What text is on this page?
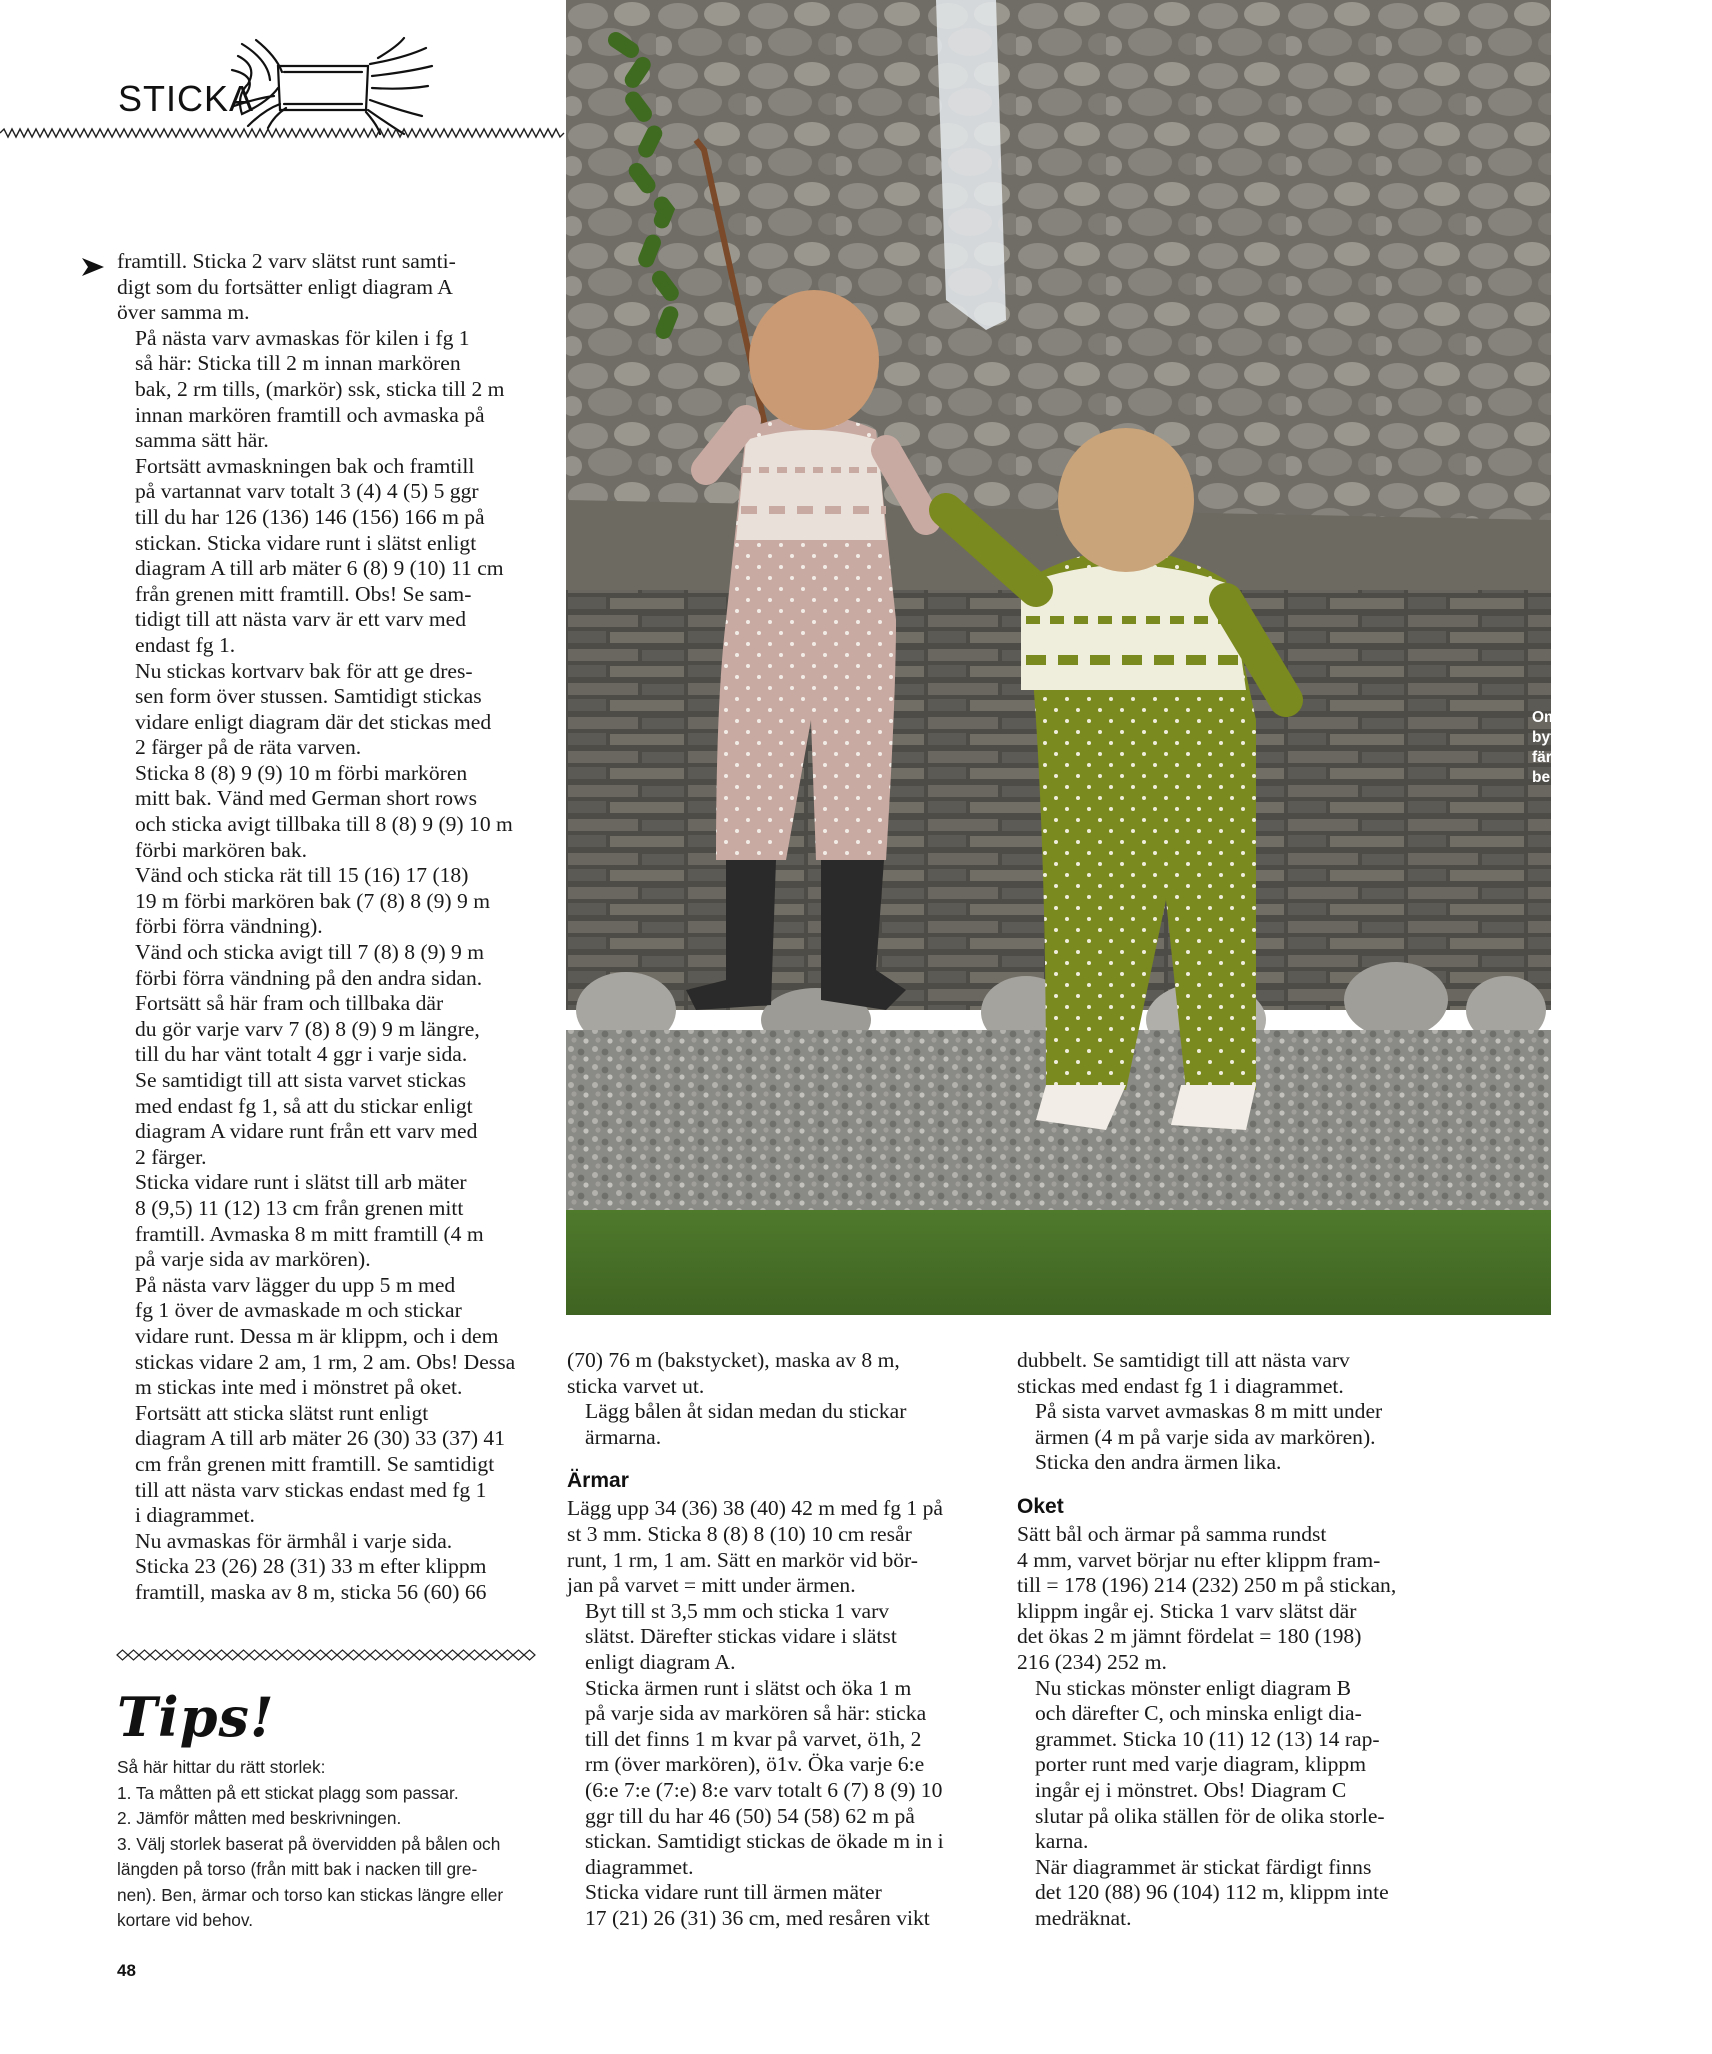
STICKA

framtill. Sticka 2 varv slätst runt samti-
digt som du fortsätter enligt diagram A
över samma m.

På nästa varv avmaskas för kilen i fg 1
så här: Sticka till 2 m innan markören
bak, 2 rm tills, (markör) ssk, sticka till 2 m
innan markören framtill och avmaska på
samma sätt här.

Fortsätt avmaskningen bak och framtill
på vartannat varv totalt 3 (4) 4 (5) 5 ggr
till du har 126 (136) 146 (156) 166 m på
stickan. Sticka vidare runt i slätst enligt
diagram A till arb mäter 6 (8) 9 (10) 11 cm
från grenen mitt framtill. Obs! Se sam-
tidigt till att nästa varv är ett varv med
endast fg 1.

Nu stickas kortvarv bak för att ge dres-
sen form över stussen. Samtidigt stickas
vidare enligt diagram där det stickas med
2 färger på de räta varven.

Sticka 8 (8) 9 (9) 10 m förbi markören
mitt bak. Vänd med German short rows
och sticka avigt tillbaka till 8 (8) 9 (9) 10 m
förbi markören bak.

Vänd och sticka rät till 15 (16) 17 (18)
19 m förbi markören bak (7 (8) 8 (9) 9 m
förbi förra vändning).

Vänd och sticka avigt till 7 (8) 8 (9) 9 m
förbi förra vändning på den andra sidan.

Fortsätt så här fram och tillbaka där
du gör varje varv 7 (8) 8 (9) 9 m längre,
till du har vänt totalt 4 ggr i varje sida.
Se samtidigt till att sista varvet stickas
med endast fg 1, så att du stickar enligt
diagram A vidare runt från ett varv med
2 färger.

Sticka vidare runt i slätst till arb mäter
8 (9,5) 11 (12) 13 cm från grenen mitt
framtill. Avmaska 8 m mitt framtill (4 m
på varje sida av markören).

På nästa varv lägger du upp 5 m med
fg 1 över de avmaskade m och stickar
vidare runt. Dessa m är klippm, och i dem
stickas vidare 2 am, 1 rm, 2 am. Obs! Dessa
m stickas inte med i mönstret på oket.

Fortsätt att sticka slätst runt enligt
diagram A till arb mäter 26 (30) 33 (37) 41
cm från grenen mitt framtill. Se samtidigt
till att nästa varv stickas endast med fg 1
i diagrammet.

Nu avmaskas för ärmhål i varje sida.
Sticka 23 (26) 28 (31) 33 m efter klippm
framtill, maska av 8 m, sticka 56 (60) 66

Om du vill kan du
byta ut den gröna
färgen mot en
beige (fg 215).

(70) 76 m (bakstycket), maska av 8 m,
sticka varvet ut.

Lägg bålen åt sidan medan du stickar
ärmarna.

Ärmar

Lägg upp 34 (36) 38 (40) 42 m med fg 1 på
st 3 mm. Sticka 8 (8) 8 (10) 10 cm resår
runt, 1 rm, 1 am. Sätt en markör vid bör-
jan på varvet = mitt under ärmen.

Byt till st 3,5 mm och sticka 1 varv
slätst. Därefter stickas vidare i slätst
enligt diagram A.

Sticka ärmen runt i slätst och öka 1 m
på varje sida av markören så här: sticka
till det finns 1 m kvar på varvet, ö1h, 2
rm (över markören), ö1v. Öka varje 6:e
(6:e 7:e (7:e) 8:e varv totalt 6 (7) 8 (9) 10
ggr till du har 46 (50) 54 (58) 62 m på
stickan. Samtidigt stickas de ökade m in i
diagrammet.

Sticka vidare runt till ärmen mäter
17 (21) 26 (31) 36 cm, med resåren vikt

dubbelt. Se samtidigt till att nästa varv
stickas med endast fg 1 i diagrammet.

På sista varvet avmaskas 8 m mitt under
ärmen (4 m på varje sida av markören).
Sticka den andra ärmen lika.

Oket

Sätt bål och ärmar på samma rundst
4 mm, varvet börjar nu efter klippm fram-
till = 178 (196) 214 (232) 250 m på stickan,
klippm ingår ej. Sticka 1 varv slätst där
det ökas 2 m jämnt fördelat = 180 (198)
216 (234) 252 m.

Nu stickas mönster enligt diagram B
och därefter C, och minska enligt dia-
grammet. Sticka 10 (11) 12 (13) 14 rap-
porter runt med varje diagram, klippm
ingår ej i mönstret. Obs! Diagram C
slutar på olika ställen för de olika storle-
karna.

När diagrammet är stickat färdigt finns
det 120 (88) 96 (104) 112 m, klippm inte
medräknat.

Tips!

Så här hittar du rätt storlek:

1. Ta måtten på ett stickat plagg som passar.

2. Jämför måtten med beskrivningen.

3. Välj storlek baserat på övervidden på bålen och
längden på torso (från mitt bak i nacken till gre-
nen). Ben, ärmar och torso kan stickas längre eller
kortare vid behov.

48
